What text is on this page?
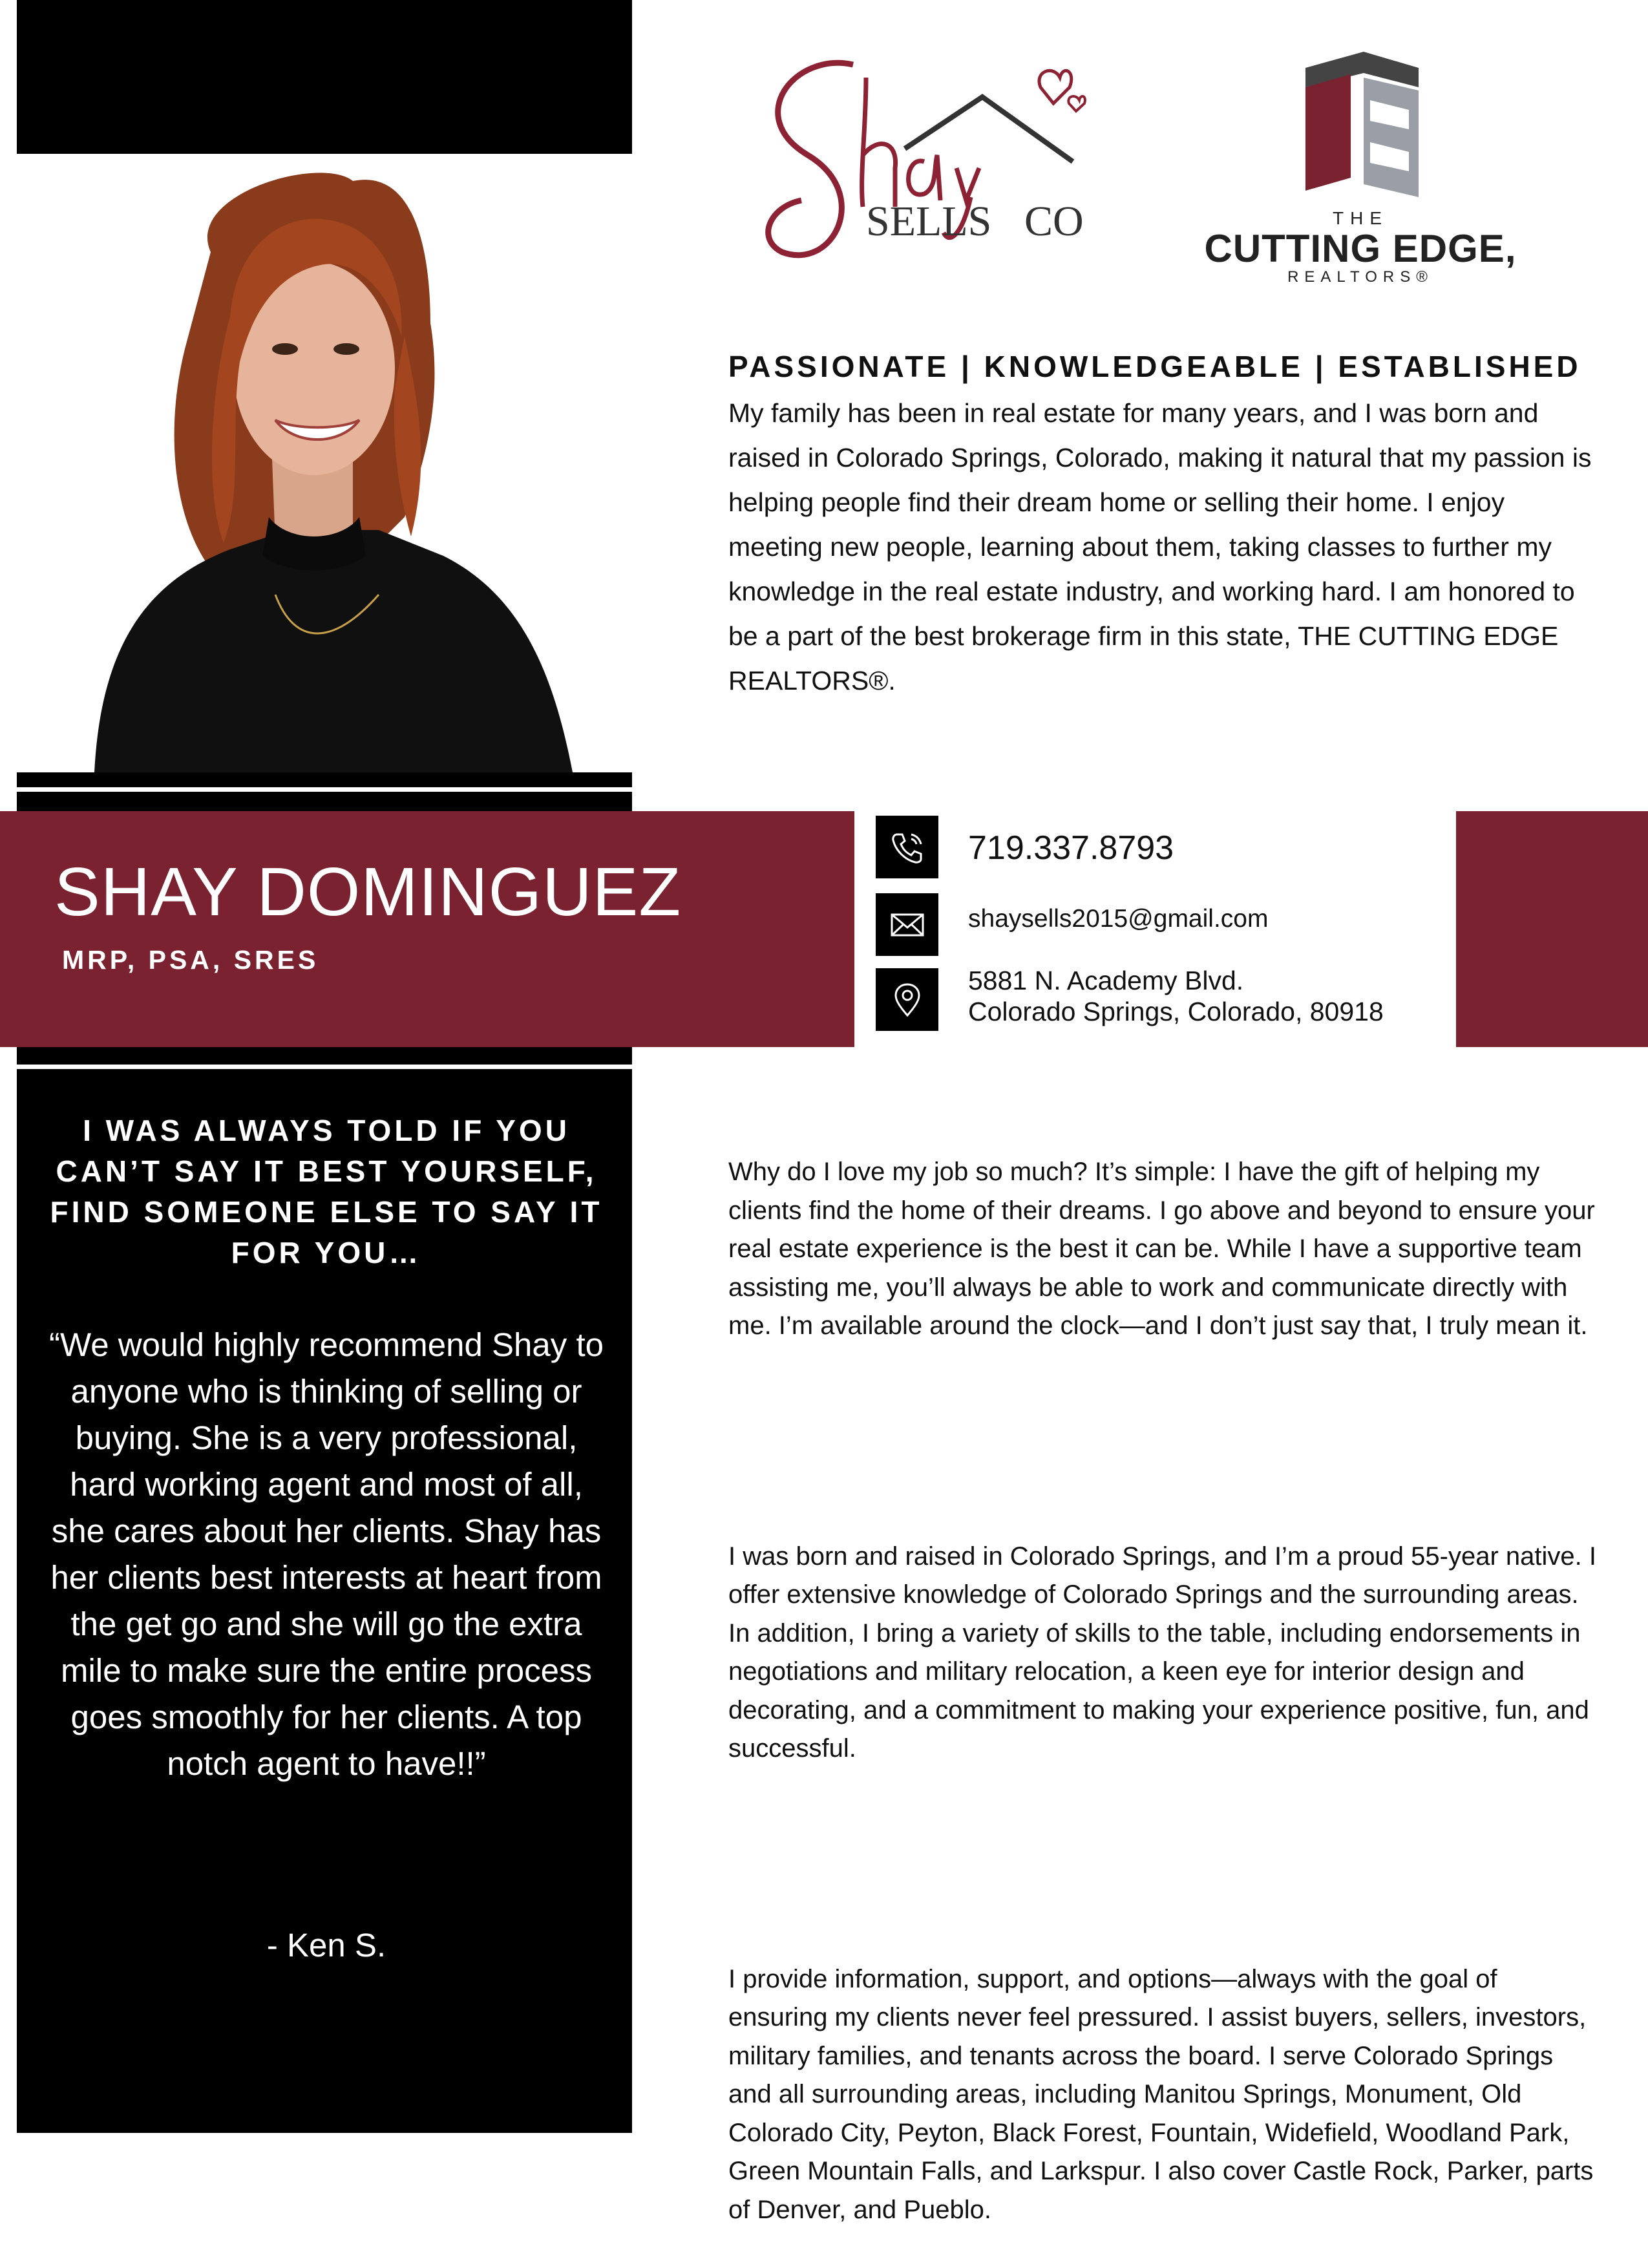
SELLS CO	THE
CUTTING EDGE,
REALTORS®
PASSIONATE | KNOWLEDGEABLE | ESTABLISHED
My family has been in real estate for many years, and I was born and raised in Colorado Springs, Colorado, making it natural that my passion is helping people find their dream home or selling their home. I enjoy meeting new people, learning about them, taking classes to further my knowledge in the real estate industry, and working hard. I am honored to be a part of the best brokerage firm in this state, THE CUTTING EDGE REALTORS®.
SHAY DOMINGUEZ
MRP, PSA, SRES
719.337.8793
shaysells2015@gmail.com
5881 N. Academy Blvd.
Colorado Springs, Colorado, 80918
I WAS ALWAYS TOLD IF YOU CAN’T SAY IT BEST YOURSELF, FIND SOMEONE ELSE TO SAY IT FOR YOU…
“We would highly recommend Shay to anyone who is thinking of selling or buying. She is a very professional, hard working agent and most of all, she cares about her clients. Shay has her clients best interests at heart from the get go and she will go the extra mile to make sure the entire process goes smoothly for her clients. A top notch agent to have!!”
- Ken S.

Why do I love my job so much? It’s simple: I have the gift of helping my clients find the home of their dreams. I go above and beyond to ensure your real estate experience is the best it can be. While I have a supportive team assisting me, you’ll always be able to work and communicate directly with me. I’m available around the clock—and I don’t just say that, I truly mean it.

I was born and raised in Colorado Springs, and I’m a proud 55-year native. I offer extensive knowledge of Colorado Springs and the surrounding areas. In addition, I bring a variety of skills to the table, including endorsements in negotiations and military relocation, a keen eye for interior design and decorating, and a commitment to making your experience positive, fun, and successful.

I provide information, support, and options—always with the goal of ensuring my clients never feel pressured. I assist buyers, sellers, investors, military families, and tenants across the board. I serve Colorado Springs and all surrounding areas, including Manitou Springs, Monument, Old Colorado City, Peyton, Black Forest, Fountain, Widefield, Woodland Park, Green Mountain Falls, and Larkspur. I also cover Castle Rock, Parker, parts of Denver, and Pueblo.
